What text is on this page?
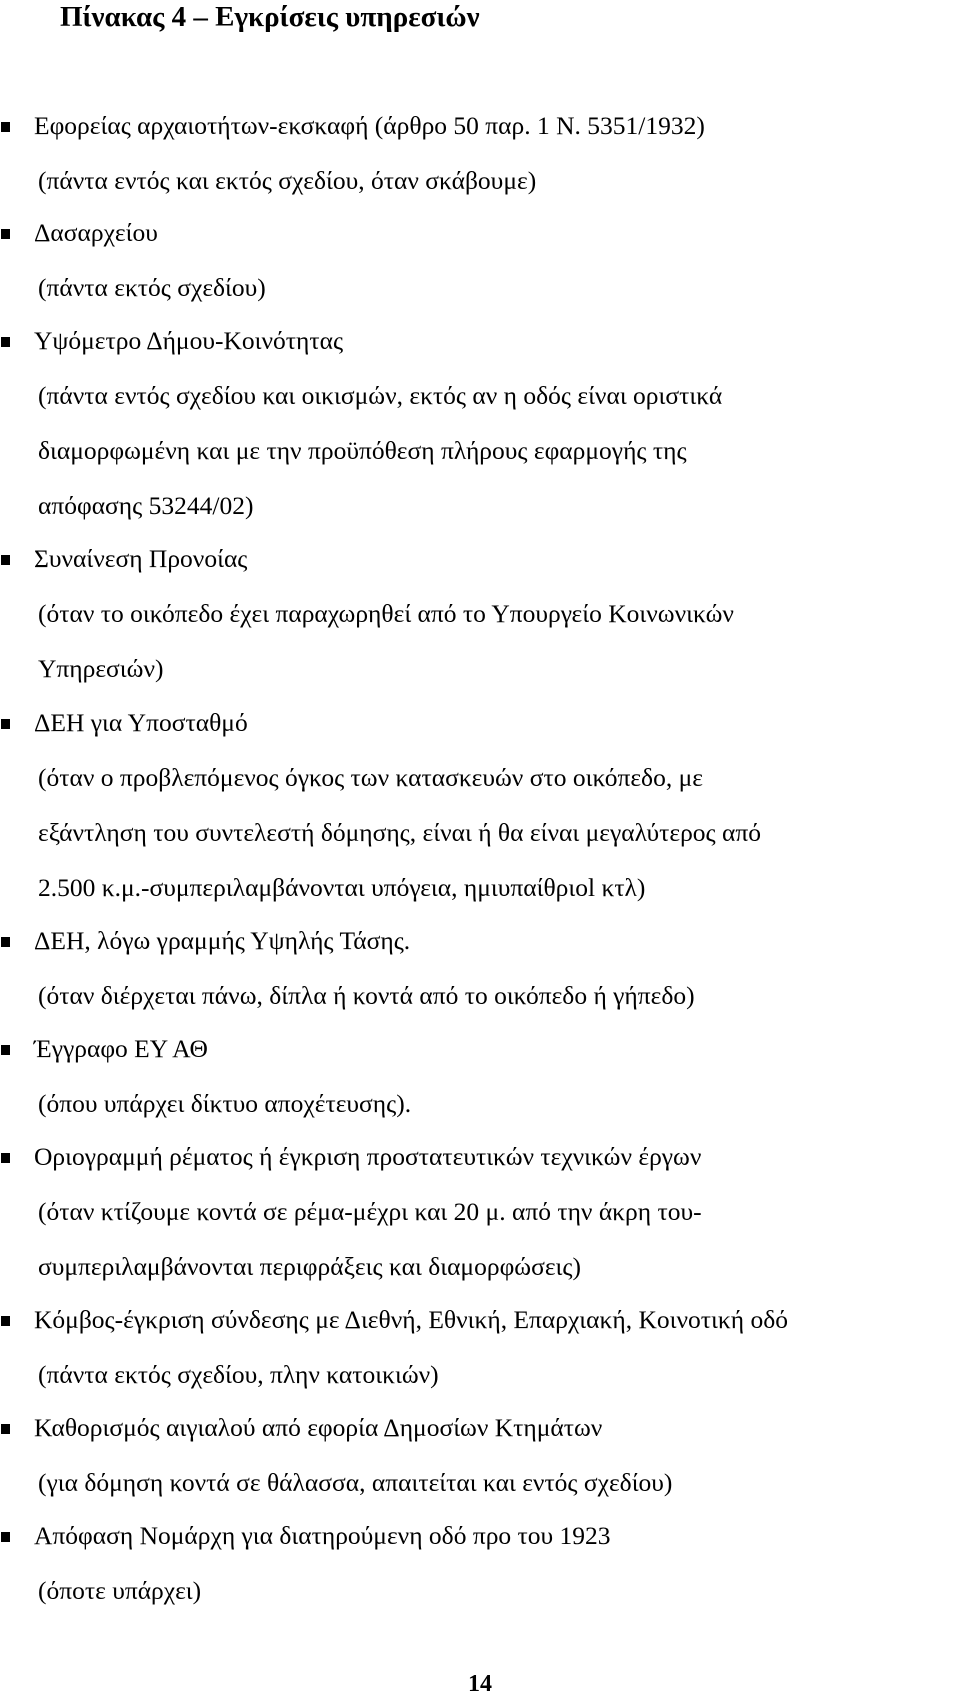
Πίνακας 4 – Εγκρίσεις υπηρεσιών
Εφορείας αρχαιοτήτων-εκσκαφή (άρθρο 50 παρ. 1 Ν. 5351/1932)
(πάντα εντός και εκτός σχεδίου, όταν σκάβουμε)
Δασαρχείου
(πάντα εκτός σχεδίου)
Υψόμετρο Δήμου-Κοινότητας
(πάντα εντός σχεδίου και οικισμών, εκτός αν η οδός είναι οριστικά
διαμορφωμένη και με την προϋπόθεση πλήρους εφαρμογής της
απόφασης 53244/02)
Συναίνεση Προνοίας
(όταν το οικόπεδο έχει παραχωρηθεί από το Υπουργείο Κοινωνικών
Υπηρεσιών)
ΔΕΗ για Υποσταθμό
(όταν ο προβλεπόμενος όγκος των κατασκευών στο οικόπεδο, με
εξάντληση του συντελεστή δόμησης, είναι ή θα είναι μεγαλύτερος από
2.500 κ.μ.-συμπεριλαμβάνονται υπόγεια, ημιυπαίθριοl κτλ)
ΔΕΗ, λόγω γραμμής Υψηλής Τάσης.
(όταν διέρχεται πάνω, δίπλα ή κοντά από το οικόπεδο ή γήπεδο)
Έγγραφο ΕΥ ΑΘ
(όπου υπάρχει δίκτυο αποχέτευσης).
Οριογραμμή ρέματος ή έγκριση προστατευτικών τεχνικών έργων
(όταν κτίζουμε κοντά σε ρέμα-μέχρι και 20 μ. από την άκρη του-
συμπεριλαμβάνονται περιφράξεις και διαμορφώσεις)
Κόμβος-έγκριση σύνδεσης με Διεθνή, Εθνική, Επαρχιακή, Κοινοτική οδό
(πάντα εκτός σχεδίου, πλην κατοικιών)
Καθορισμός αιγιαλού από εφορία Δημοσίων Κτημάτων
(για δόμηση κοντά σε θάλασσα, απαιτείται και εντός σχεδίου)
Απόφαση Νομάρχη για διατηρούμενη οδό προ του 1923
(όποτε υπάρχει)
14
